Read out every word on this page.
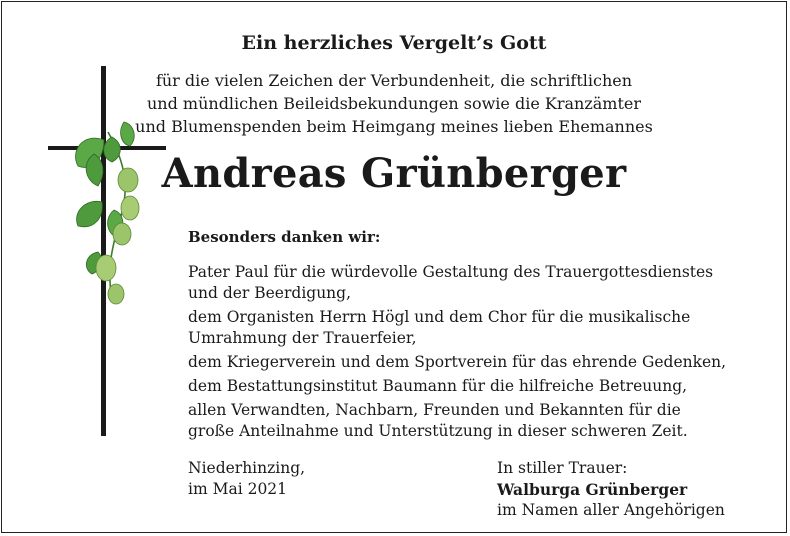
Ein herzliches Vergelt’s Gott
für die vielen Zeichen der Verbundenheit, die schriftlichen
und mündlichen Beileidsbekundungen sowie die Kranzämter
und Blumenspenden beim Heimgang meines lieben Ehemannes
Andreas Grünberger
Besonders danken wir:
Pater Paul für die würdevolle Gestaltung des Trauergottesdienstes
und der Beerdigung,
dem Organisten Herrn Högl und dem Chor für die musikalische
Umrahmung der Trauerfeier,
dem Kriegerverein und dem Sportverein für das ehrende Gedenken,
dem Bestattungsinstitut Baumann für die hilfreiche Betreuung,
allen Verwandten, Nachbarn, Freunden und Bekannten für die
große Anteilnahme und Unterstützung in dieser schweren Zeit.
Niederhinzing,
im Mai 2021
In stiller Trauer:
Walburga Grünberger
im Namen aller Angehörigen
